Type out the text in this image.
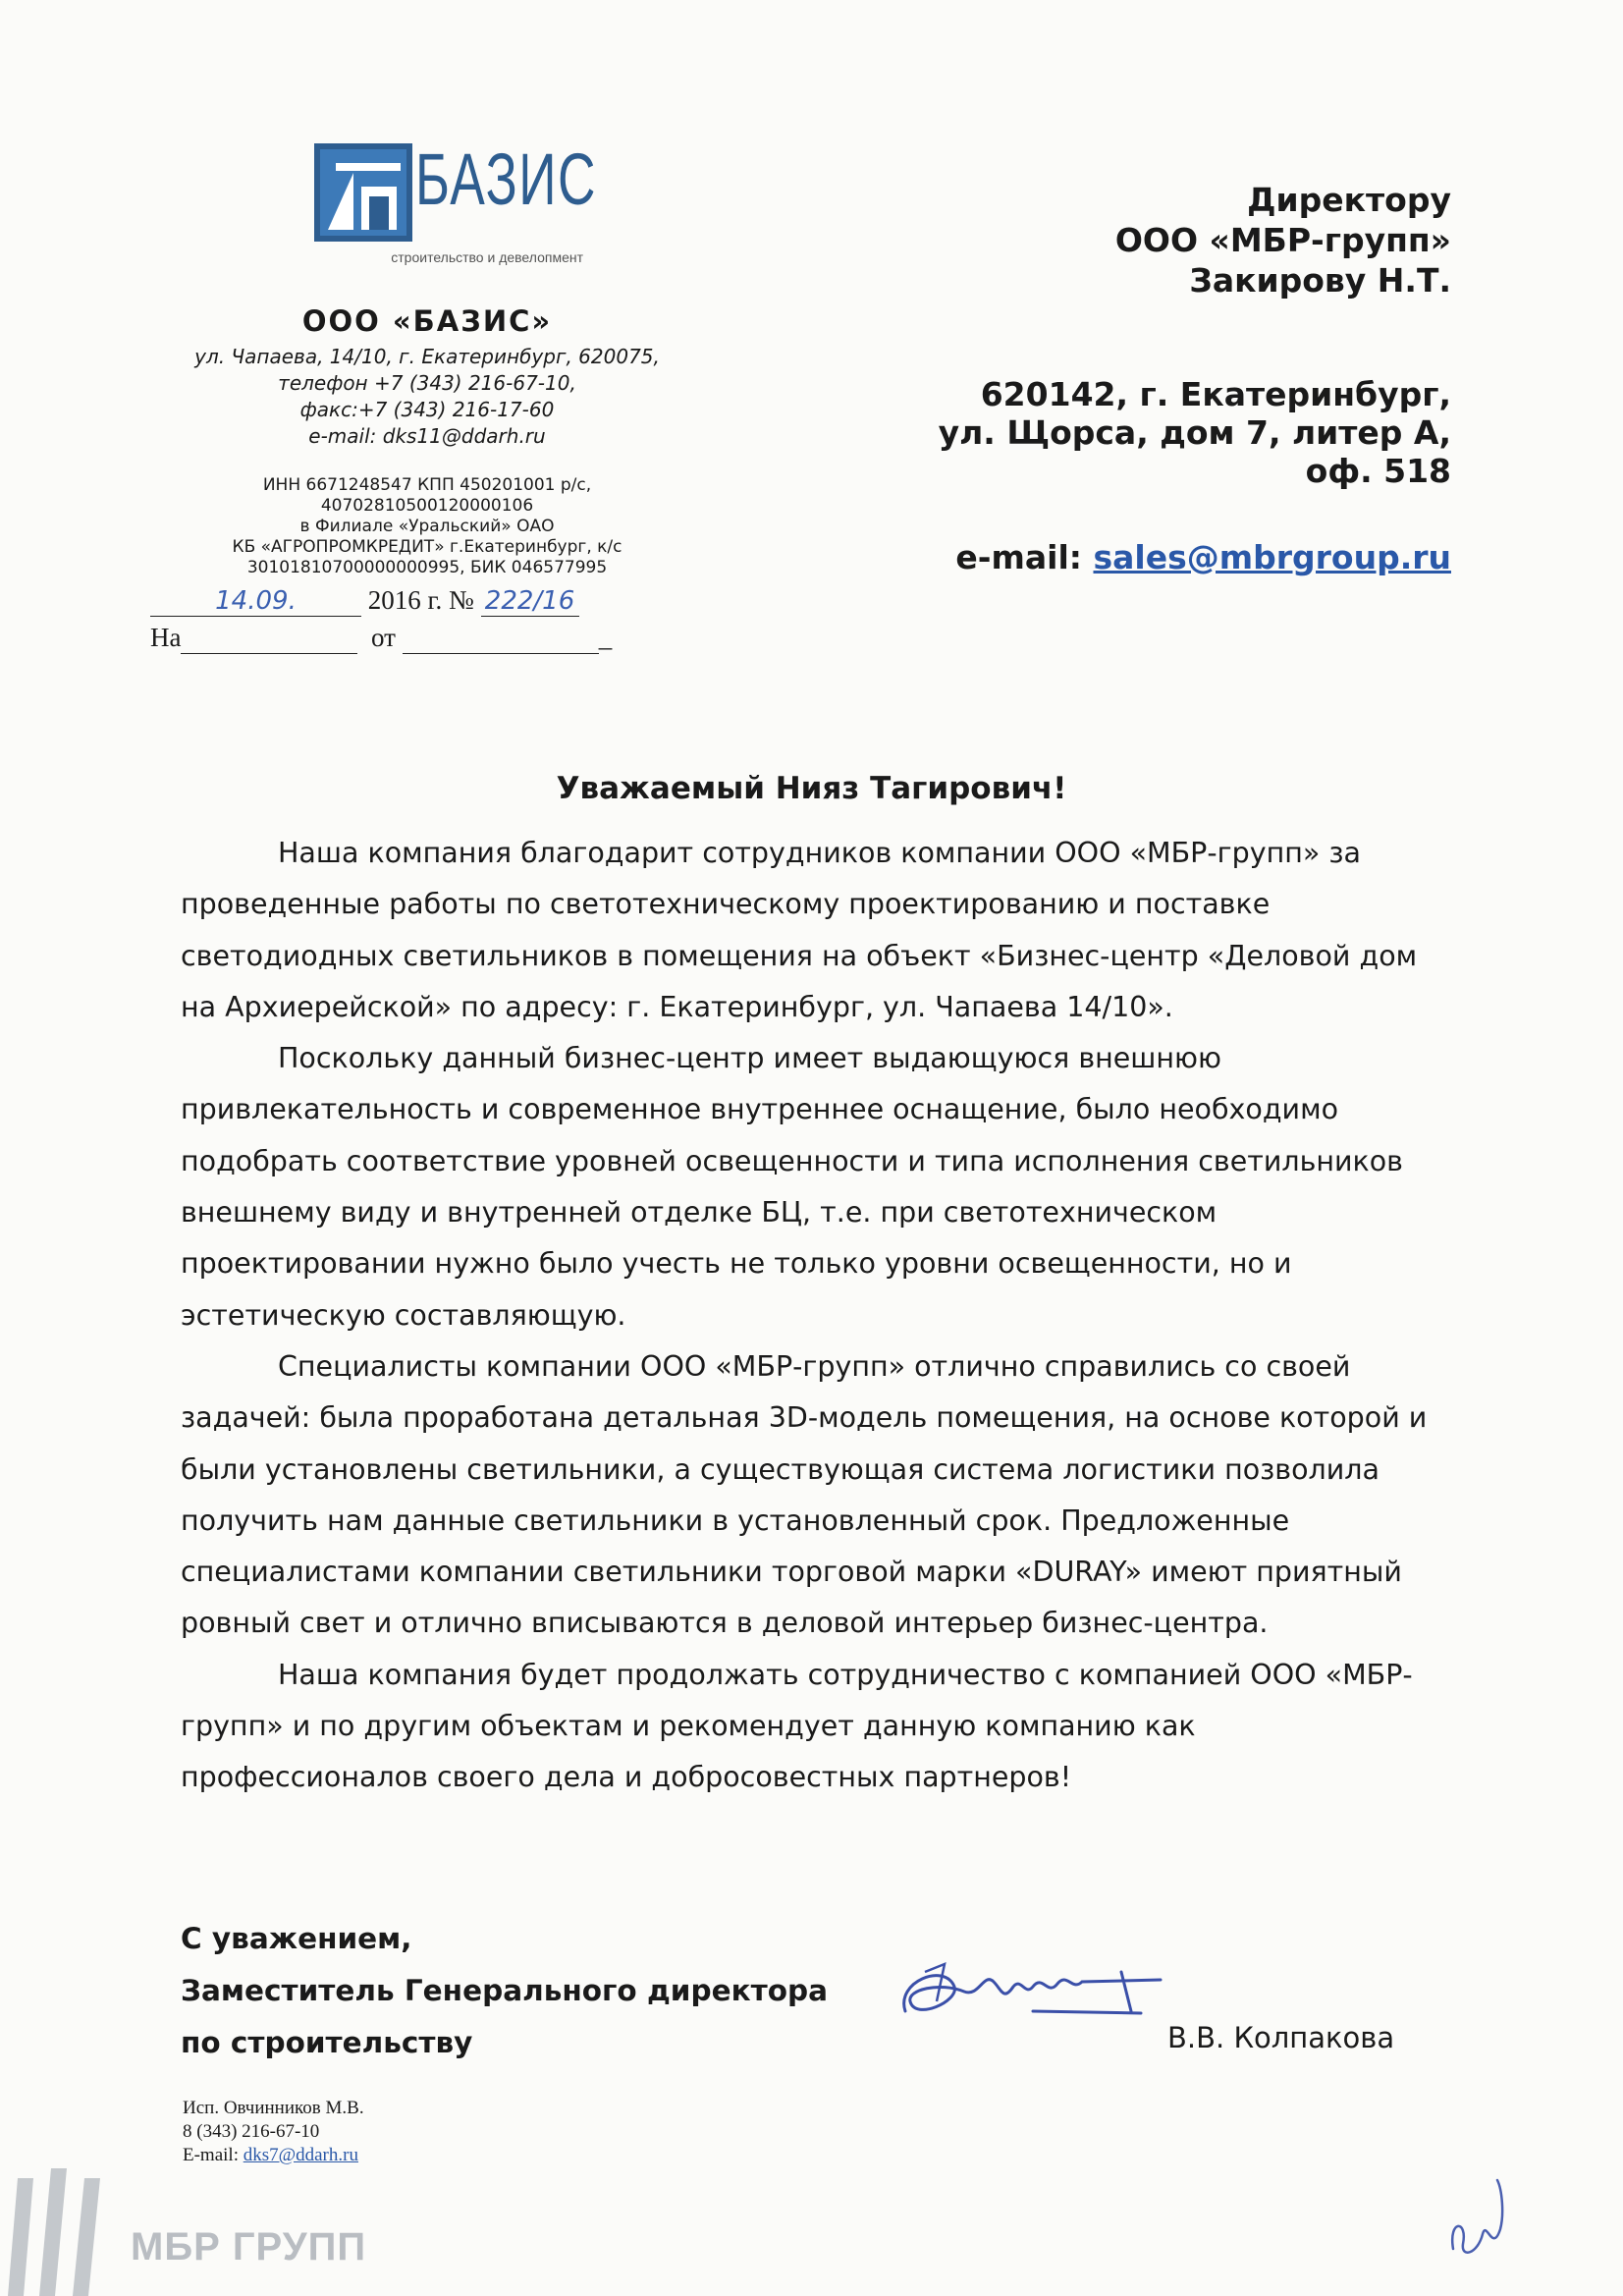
БАЗИС
строительство и девелопмент
ООО «БАЗИС»
ул. Чапаева, 14/10, г. Екатеринбург, 620075,
телефон +7 (343) 216-67-10,
факс:+7 (343) 216-17-60
e-mail: dks11@ddarh.ru
ИНН 6671248547 КПП 450201001 р/с,
40702810500120000106
в Филиале «Уральский» ОАО
КБ «АГРОПРОМКРЕДИТ» г.Екатеринбург, к/с
30101810700000000995, БИК 046577995
14.09.	2016 г. № 222/16
На	от	_
Директору
ООО «МБР-групп»
Закирову Н.Т.
620142, г. Екатеринбург,
ул. Щорса, дом 7, литер А,
оф. 518
e-mail: sales@mbrgroup.ru
Уважаемый Нияз Тагирович!

Наша компания благодарит сотрудников компании ООО «МБР-групп» за проведенные работы по светотехническому проектированию и поставке светодиодных светильников в помещения на объект «Бизнес-центр «Деловой дом на Архиерейской» по адресу: г. Екатеринбург, ул. Чапаева 14/10».

Поскольку данный бизнес-центр имеет выдающуюся внешнюю привлекательность и современное внутреннее оснащение, было необходимо подобрать соответствие уровней освещенности и типа исполнения светильников внешнему виду и внутренней отделке БЦ, т.е. при светотехническом проектировании нужно было учесть не только уровни освещенности, но и эстетическую составляющую.

Специалисты компании ООО «МБР-групп» отлично справились со своей задачей: была проработана детальная 3D-модель помещения, на основе которой и были установлены светильники, а существующая система логистики позволила получить нам данные светильники в установленный срок. Предложенные специалистами компании светильники торговой марки «DURAY» имеют приятный ровный свет и отлично вписываются в деловой интерьер бизнес-центра.

Наша компания будет продолжать сотрудничество с компанией ООО «МБР-групп» и по другим объектам и рекомендует данную компанию как профессионалов своего дела и добросовестных партнеров!

С уважением,
Заместитель Генерального директора
по строительству	В.В. Колпакова
Исп. Овчинников М.В.
8 (343) 216-67-10
E-mail: dks7@ddarh.ru
МБР ГРУПП
